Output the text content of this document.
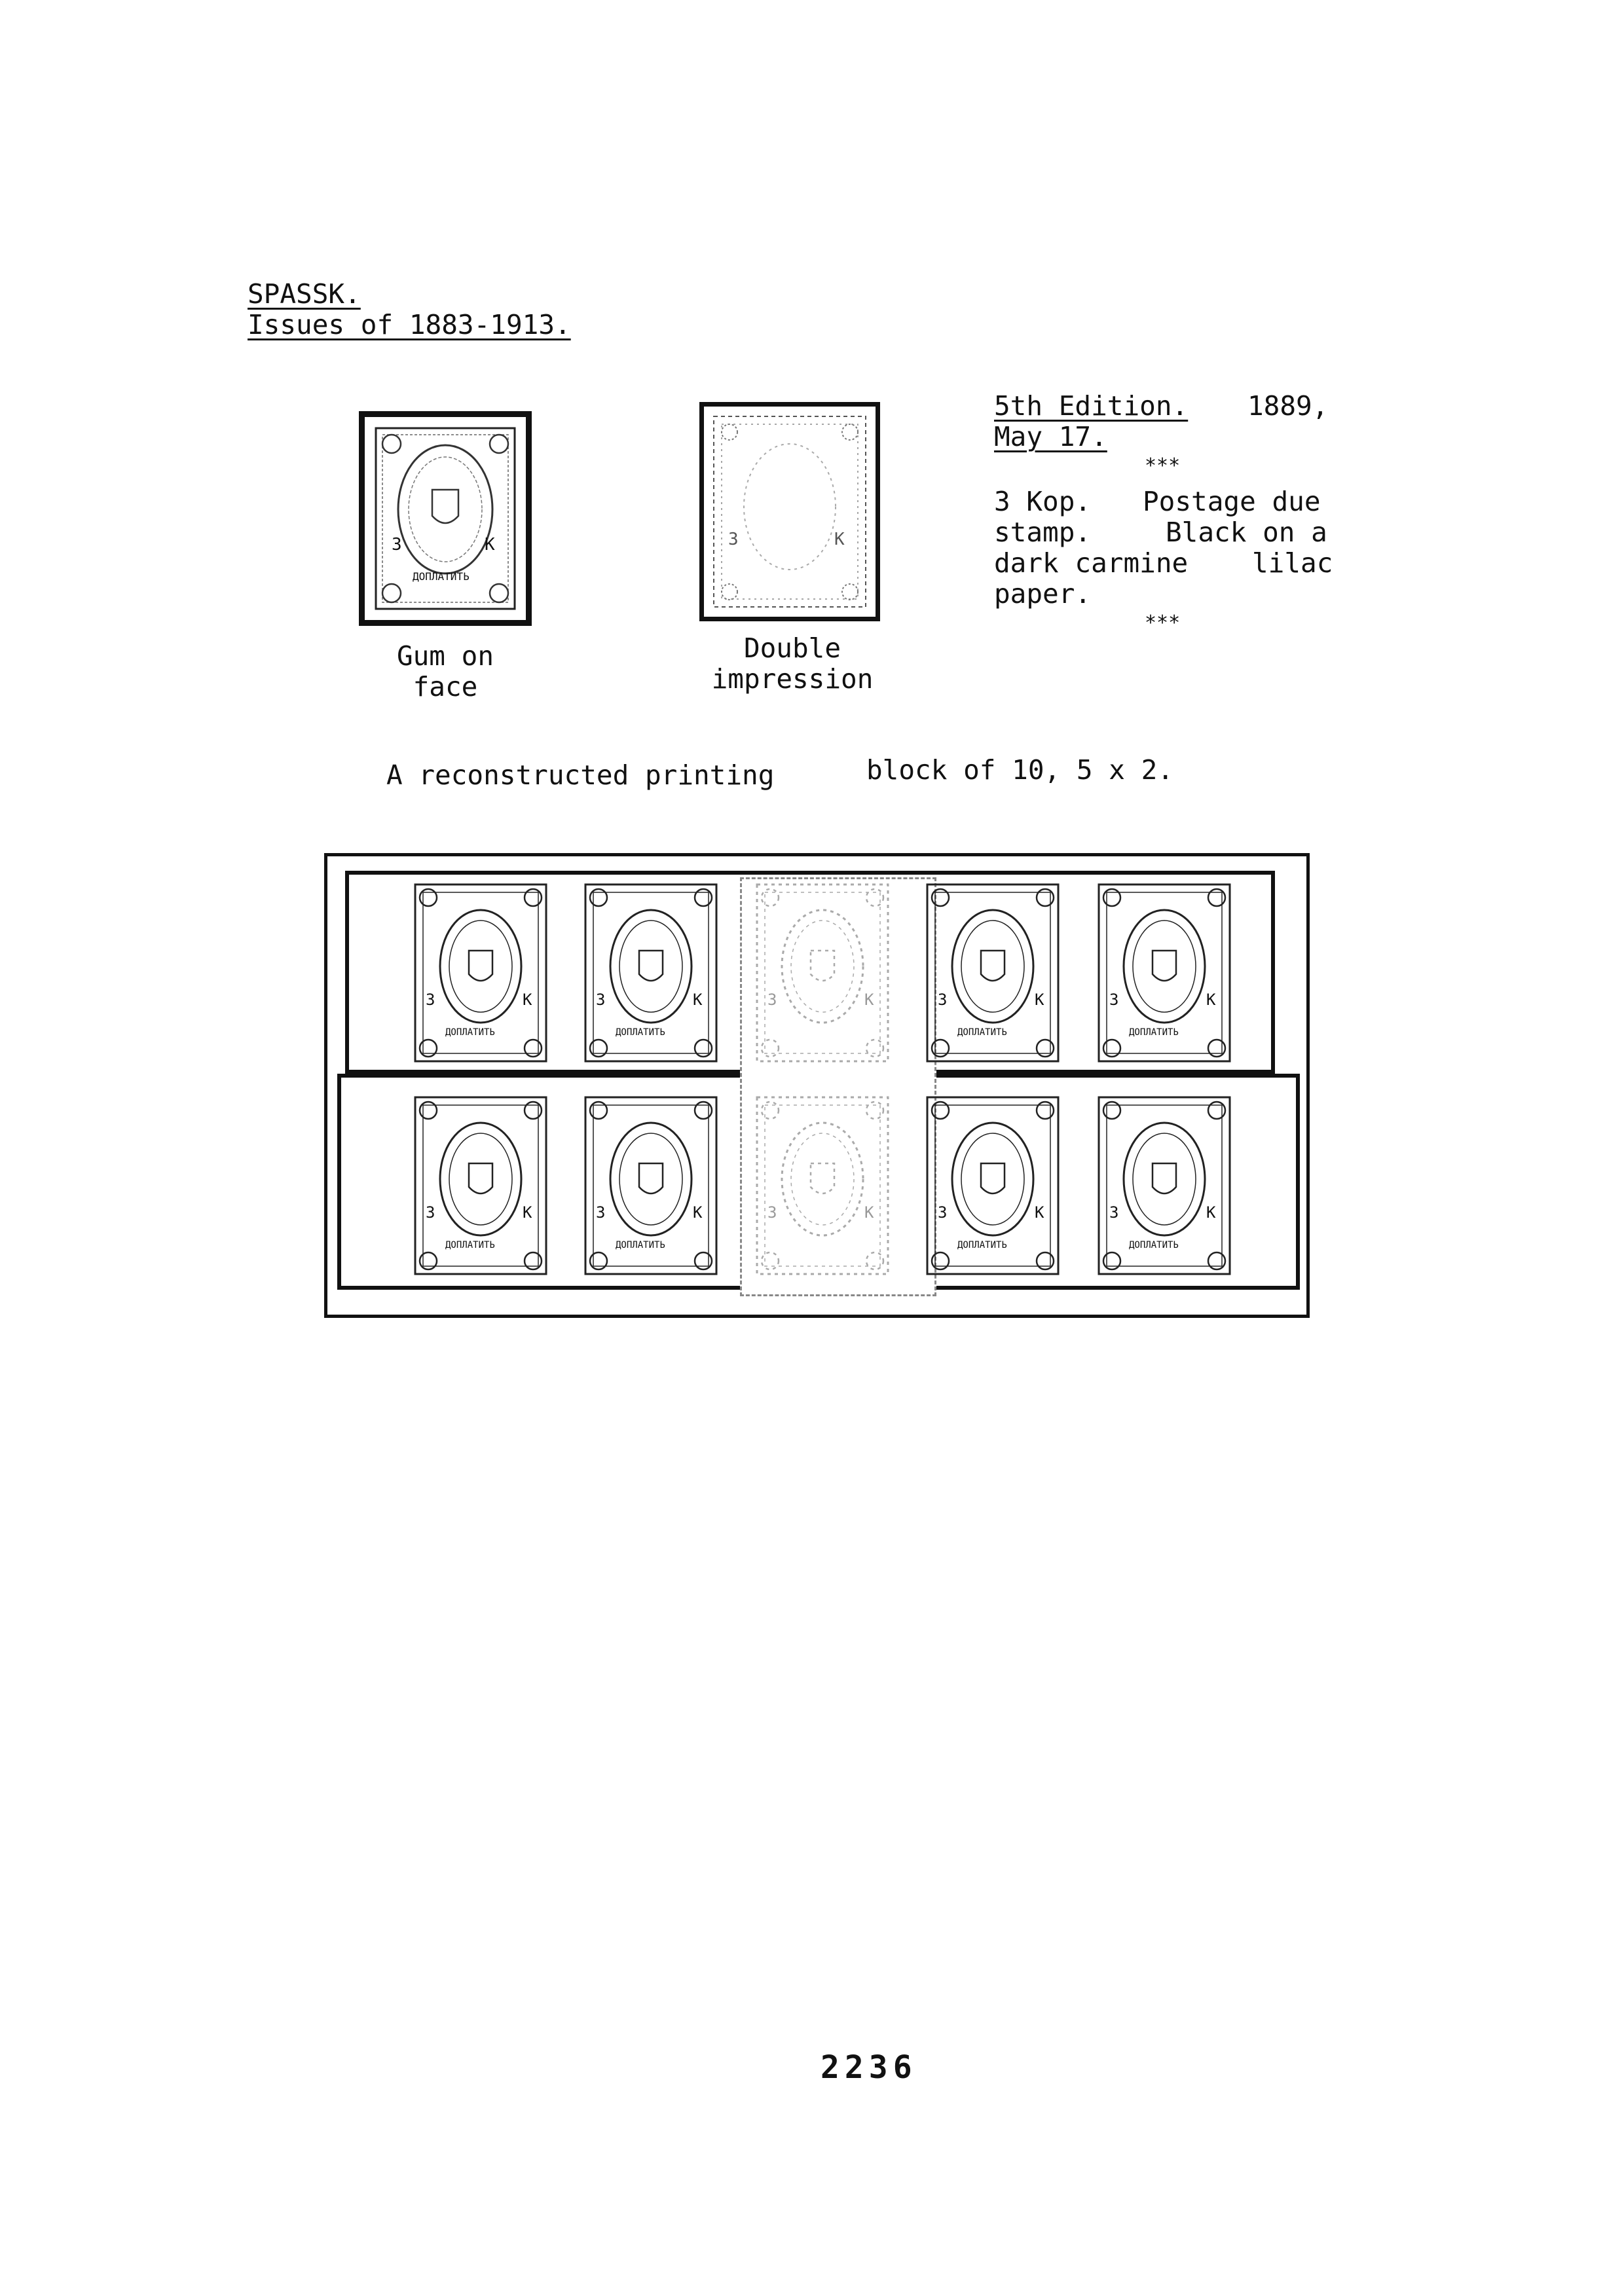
SPASSK.
Issues of 1883-1913.
3	К
ДОПЛАТИТЬ
Gum on
face
3	К
Double
impression
5th Edition. 1889,
May 17.
***
3 Kop. Postage due
stamp.	Black on a
dark carmine lilac
paper.
***
A reconstructed printing	block of 10, 5 x 2.
3	К
ДОПЛАТИТЬ
3	К
ДОПЛАТИТЬ
3	К	3	К
ДОПЛАТИТЬ
3	К
ДОПЛАТИТЬ
3	К
ДОПЛАТИТЬ
3	К
ДОПЛАТИТЬ
3	К	3	К
ДОПЛАТИТЬ
3	К
ДОПЛАТИТЬ
2236
